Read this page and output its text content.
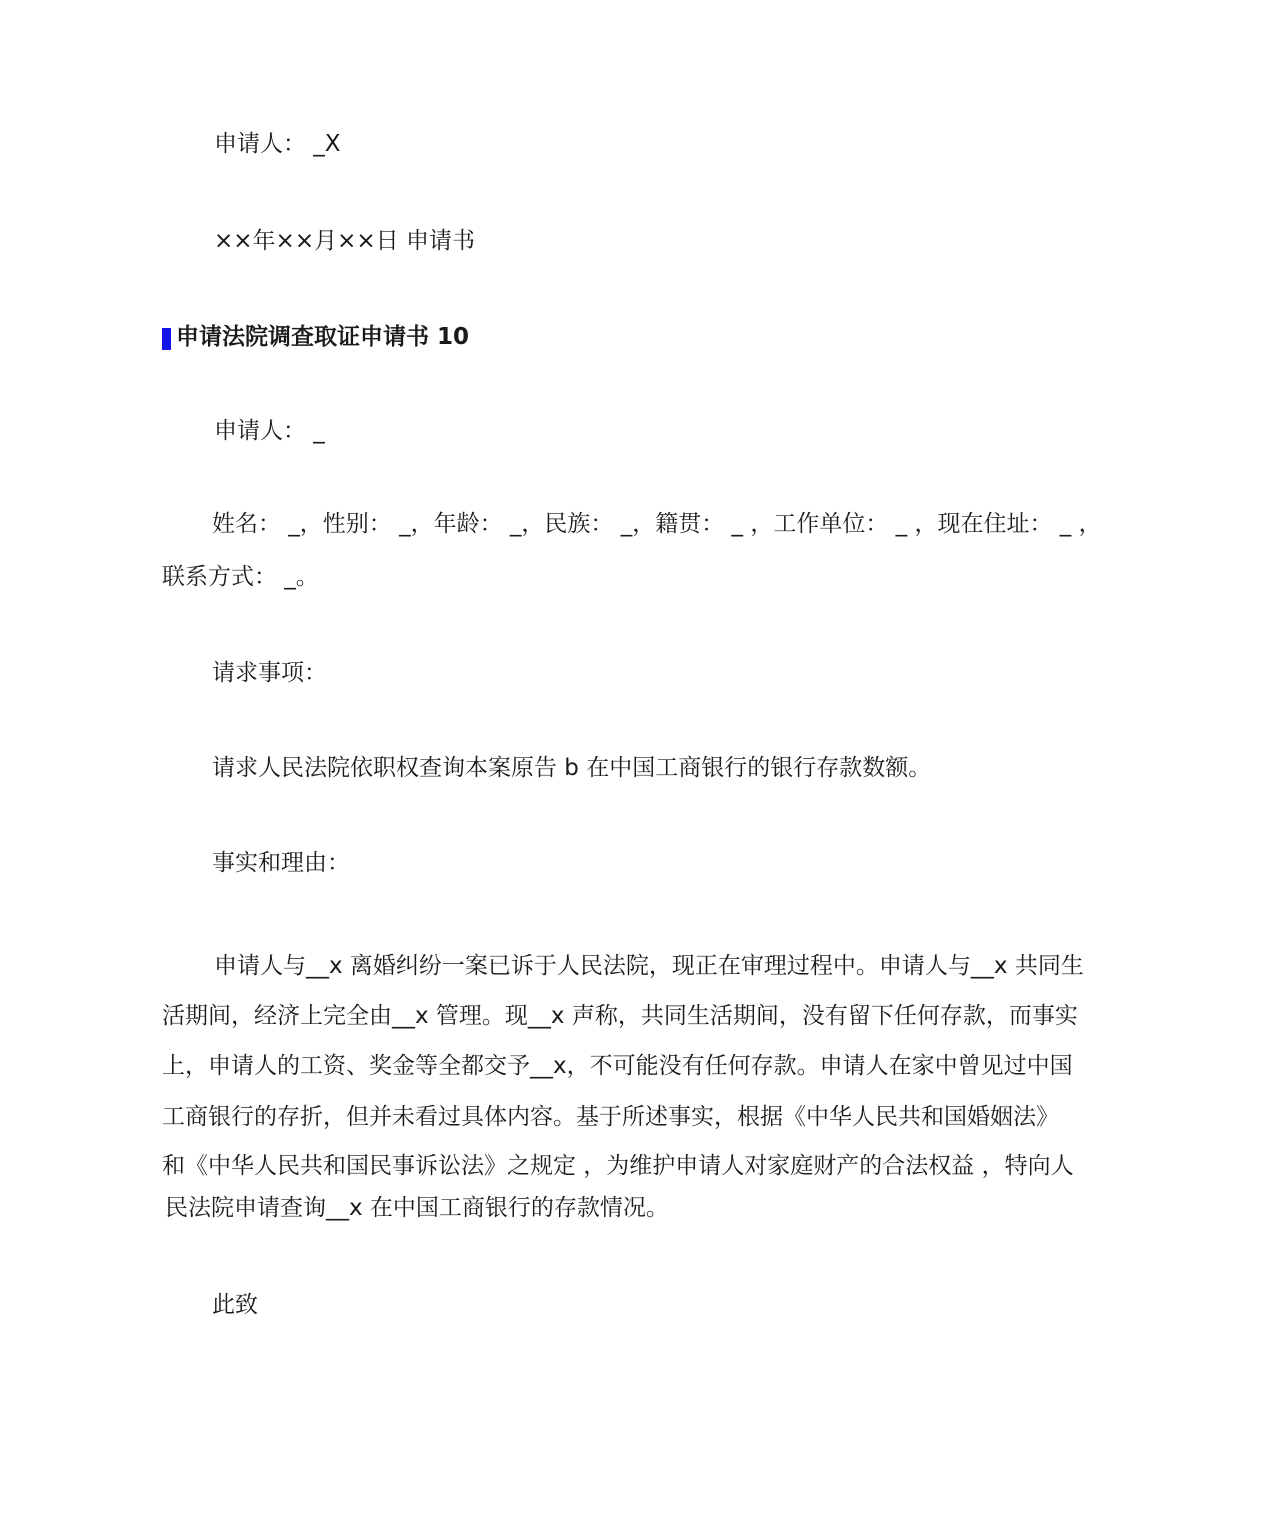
申请人： _X
××年××月××日 申请书
申请法院调查取证申请书 10
申请人： _
姓名： _，性别： _，年龄： _，民族： _，籍贯： _ ，工作单位： _ ，现在住址： _ ，
联系方式： _。
请求事项：
请求人民法院依职权查询本案原告 b 在中国工商银行的银行存款数额。
事实和理由：
申请人与__x 离婚纠纷一案已诉于人民法院，现正在审理过程中。申请人与__x 共同生
活期间，经济上完全由__x 管理。现__x 声称，共同生活期间，没有留下任何存款，而事实
上，申请人的工资、奖金等全都交予__x，不可能没有任何存款。申请人在家中曾见过中国
工商银行的存折，但并未看过具体内容。基于所述事实，根据《中华人民共和国婚姻法》
和《中华人民共和国民事诉讼法》之规定 ，为维护申请人对家庭财产的合法权益 ，特向人
民法院申请查询__x 在中国工商银行的存款情况。
此致
